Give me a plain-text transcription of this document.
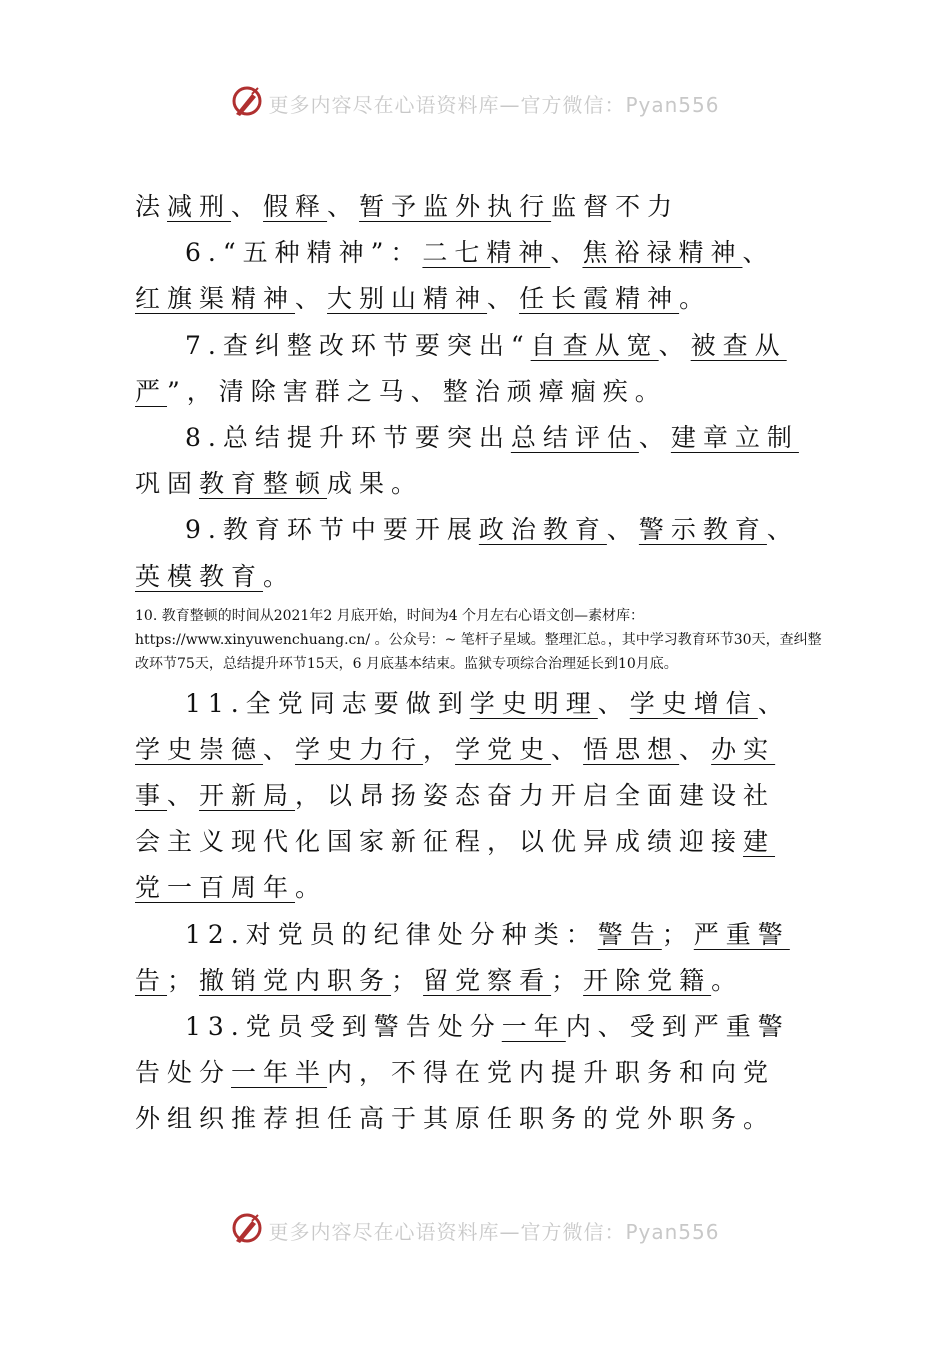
更多内容尽在心语资料库—官方微信：Pyan556
法减刑、假释、暂予监外执行监督不力
6.“五种精神”：二七精神、焦裕禄精神、
红旗渠精神、大别山精神、任长霞精神。
7.查纠整改环节要突出“自查从宽、被查从
严”，清除害群之马、整治顽瘴痼疾。
8.总结提升环节要突出总结评估、建章立制
巩固教育整顿成果。
9.教育环节中要开展政治教育、警示教育、
英模教育。
10. 教育整顿的时间从2021年2 月底开始，时间为4 个月左右心语文创—素材库：https://www.xinyuwenchuang.cn/ 。公众号：~ 笔杆子星域。整理汇总。，其中学习教育环节30天，查纠整改环节75天，总结提升环节15天，6 月底基本结束。监狱专项综合治理延长到10月底。
11.全党同志要做到学史明理、学史增信、
学史崇德、学史力行，学党史、悟思想、办实
事、开新局，以昂扬姿态奋力开启全面建设社
会主义现代化国家新征程，以优异成绩迎接建
党一百周年。
12.对党员的纪律处分种类：警告；严重警
告；撤销党内职务；留党察看；开除党籍。
13.党员受到警告处分一年内、受到严重警
告处分一年半内，不得在党内提升职务和向党
外组织推荐担任高于其原任职务的党外职务。
更多内容尽在心语资料库—官方微信：Pyan556
